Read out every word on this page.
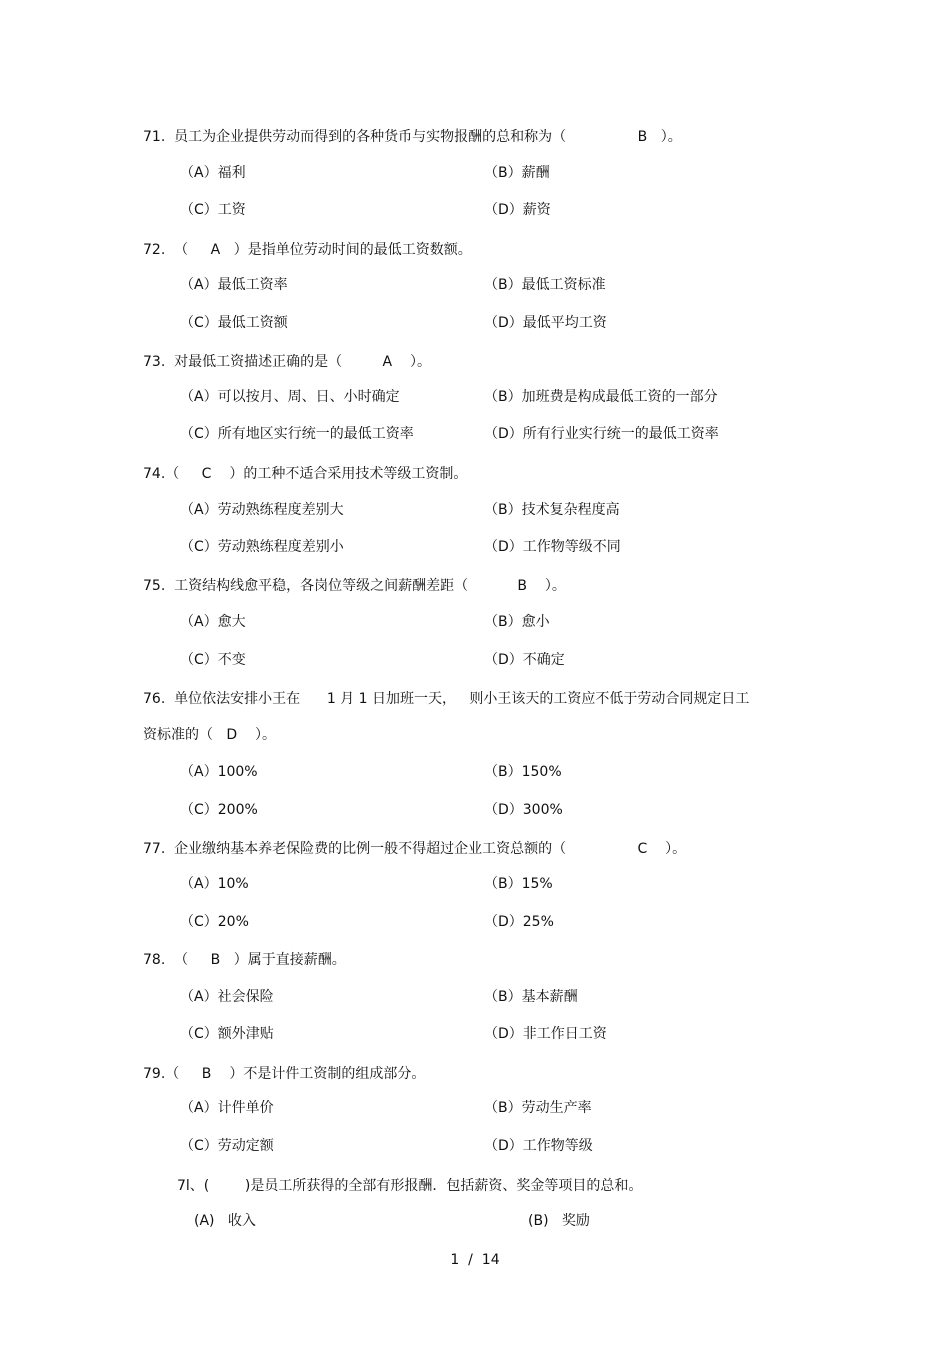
71.  员工为企业提供劳动而得到的各种货币与实物报酬的总和称为（	B   ）。
（A）福利	（B）薪酬
（C）工资	（D）薪资
72.  （ A   ）是指单位劳动时间的最低工资数额。
（A）最低工资率	（B）最低工资标准
（C）最低工资额	（D）最低平均工资
73.  对最低工资描述正确的是（	A    ）。
（A）可以按月、周、日、小时确定	（B）加班费是构成最低工资的一部分
（C）所有地区实行统一的最低工资率	（D）所有行业实行统一的最低工资率
74.（ C    ）的工种不适合采用技术等级工资制。
（A）劳动熟练程度差别大	（B）技术复杂程度高
（C）劳动熟练程度差别小	（D）工作物等级不同
75.  工资结构线愈平稳，各岗位等级之间薪酬差距（	B    ）。
（A）愈大	（B）愈小
（C）不变	（D）不确定
76.  单位依法安排小王在      1 月 1 日加班一天，   则小王该天的工资应不低于劳动合同规定日工
资标准的（ D    ）。
（A）100%	（B）150%
（C）200%	（D）300%
77.  企业缴纳基本养老保险费的比例一般不得超过企业工资总额的（	C    ）。
（A）10%	（B）15%
（C）20%	（D）25%
78.  （ B   ）属于直接薪酬。
（A）社会保险	（B）基本薪酬
（C）额外津贴	（D）非工作日工资
79.（ B    ）不是计件工资制的组成部分。
（A）计件单价	（B）劳动生产率
（C）劳动定额	（D）工作物等级
7l、(        )是员工所获得的全部有形报酬．包括薪资、奖金等项目的总和。
(A)   收入	(B)   奖励
1  /  14
